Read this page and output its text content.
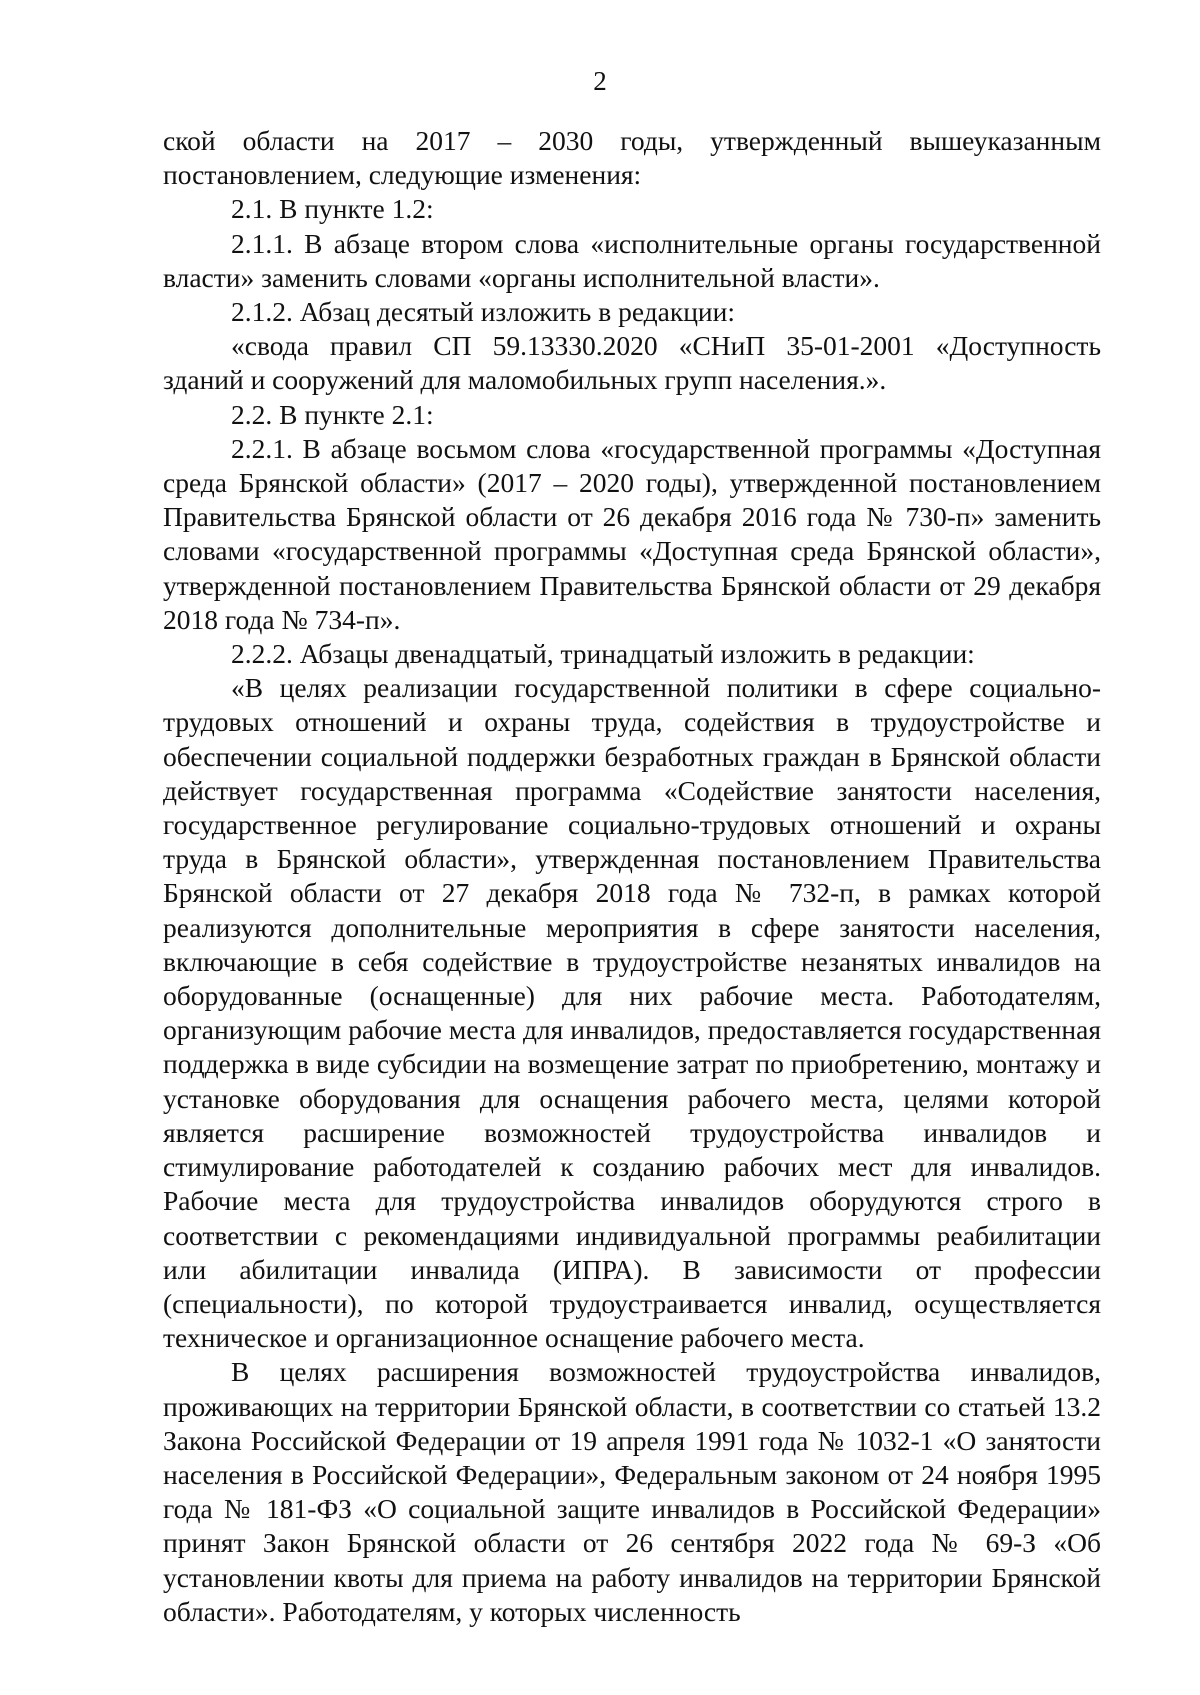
2

ской области на 2017 – 2030 годы, утвержденный вышеуказанным постановлением, следующие изменения:

2.1. В пункте 1.2:

2.1.1. В абзаце втором слова «исполнительные органы государственной власти» заменить словами «органы исполнительной власти».

2.1.2. Абзац десятый изложить в редакции:

«свода правил СП 59.13330.2020 «СНиП 35-01-2001 «Доступность зданий и сооружений для маломобильных групп населения.».

2.2. В пункте 2.1:

2.2.1. В абзаце восьмом слова «государственной программы «Доступная среда Брянской области» (2017 – 2020 годы), утвержденной постановлением Правительства Брянской области от 26 декабря 2016 года № 730-п» заменить словами «государственной программы «Доступная среда Брянской области», утвержденной постановлением Правительства Брянской области от 29 декабря 2018 года № 734-п».

2.2.2. Абзацы двенадцатый, тринадцатый изложить в редакции:

«В целях реализации государственной политики в сфере социально-трудовых отношений и охраны труда, содействия в трудоустройстве и обеспечении социальной поддержки безработных граждан в Брянской области действует государственная программа «Содействие занятости населения, государственное регулирование социально-трудовых отношений и охраны труда в Брянской области», утвержденная постановлением Правительства Брянской области от 27 декабря 2018 года № 732-п, в рамках которой реализуются дополнительные мероприятия в сфере занятости населения, включающие в себя содействие в трудоустройстве незанятых инвалидов на оборудованные (оснащенные) для них рабочие места. Работодателям, организующим рабочие места для инвалидов, предоставляется государственная поддержка в виде субсидии на возмещение затрат по приобретению, монтажу и установке оборудования для оснащения рабочего места, целями которой является расширение возможностей трудоустройства инвалидов и стимулирование работодателей к созданию рабочих мест для инвалидов. Рабочие места для трудоустройства инвалидов оборудуются строго в соответствии с рекомендациями индивидуальной программы реабилитации или абилитации инвалида (ИПРА). В зависимости от профессии (специальности), по которой трудоустраивается инвалид, осуществляется техническое и организационное оснащение рабочего места.

В целях расширения возможностей трудоустройства инвалидов, проживающих на территории Брянской области, в соответствии со статьей 13.2 Закона Российской Федерации от 19 апреля 1991 года № 1032-1 «О занятости населения в Российской Федерации», Федеральным законом от 24 ноября 1995 года № 181-ФЗ «О социальной защите инвалидов в Российской Федерации» принят Закон Брянской области от 26 сентября 2022 года № 69-З «Об установлении квоты для приема на работу инвалидов на территории Брянской области». Работодателям, у которых численность
